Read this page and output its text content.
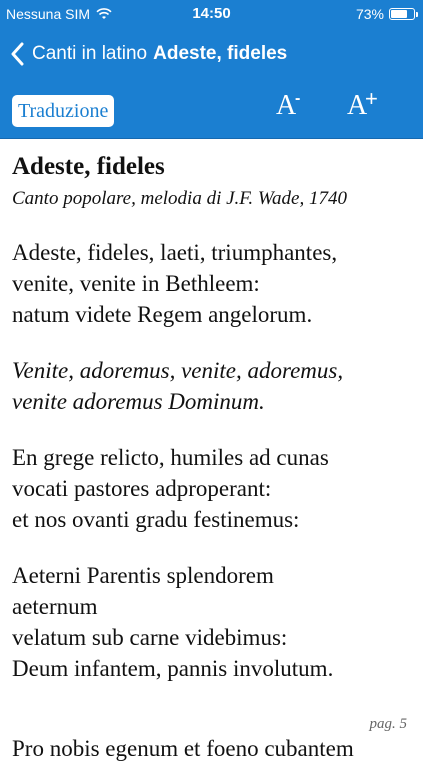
Nessuna SIM	14:50	73%
Canti in latino Adeste, fideles
Traduzione	A
- A
+
Adeste, fideles

Canto popolare, melodia di J.F. Wade, 1740

Adeste, fideles, laeti, triumphantes,
venite, venite in Bethleem:
natum videte Regem angelorum.
Venite, adoremus, venite, adoremus,
venite adoremus Dominum.
En grege relicto, humiles ad cunas
vocati pastores adproperant:
et nos ovanti gradu festinemus:
Aeterni Parentis splendorem
aeternum
velatum sub carne videbimus:
Deum infantem, pannis involutum.
pag. 5
Pro nobis egenum et foeno cubantem
